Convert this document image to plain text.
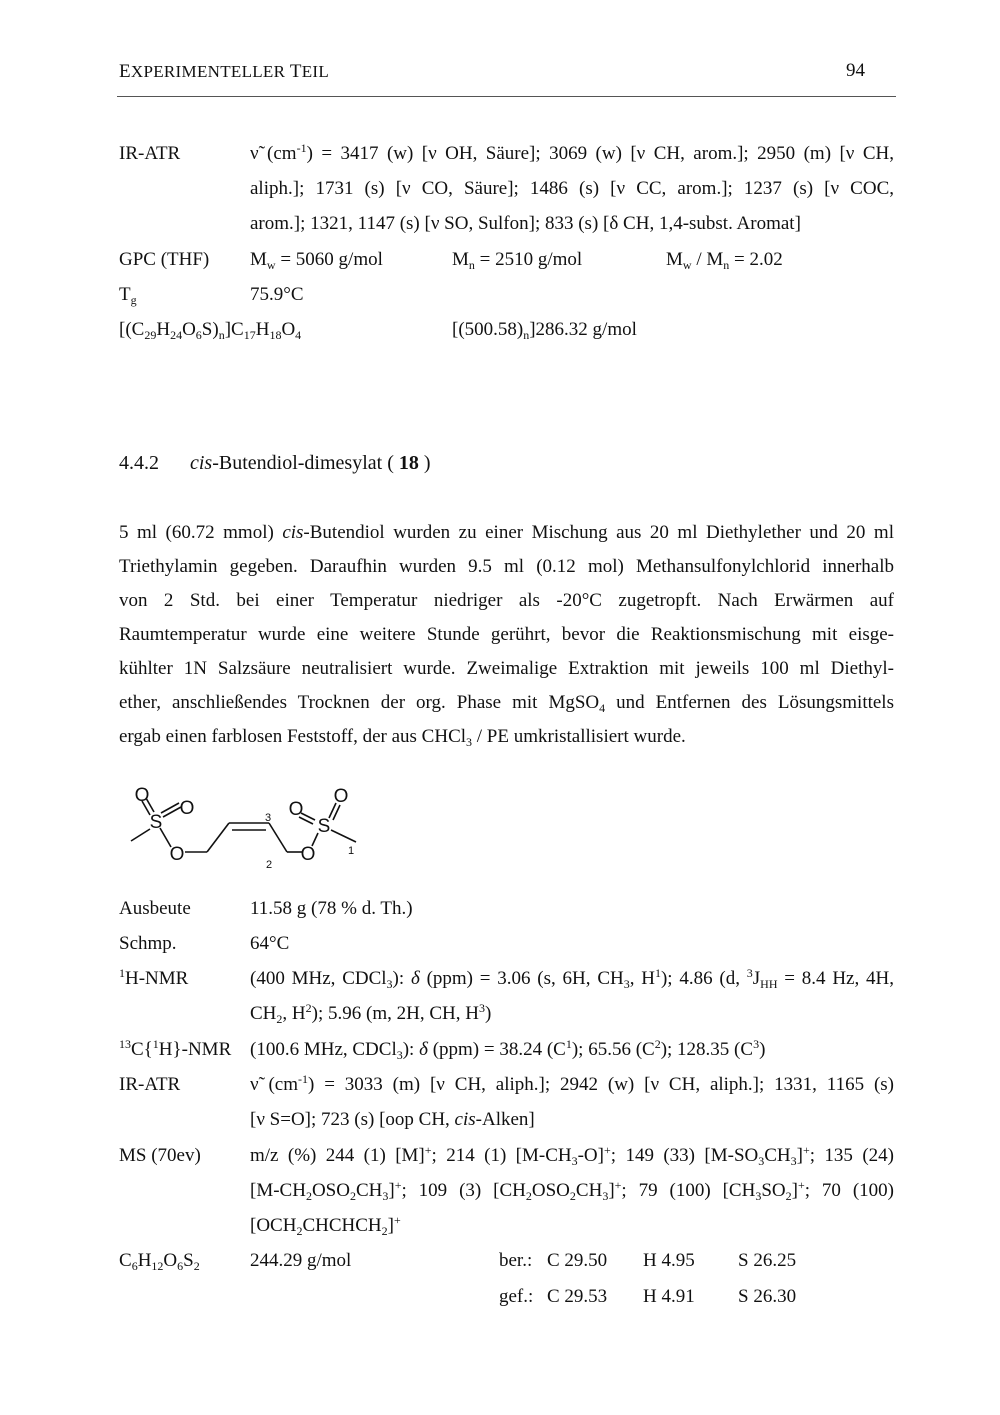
EXPERIMENTELLER TEIL	94
IR-ATR	ν̃ $(cm^{-1}) = 3417$ (w) [ν OH, Säure]; 3069 (w) [ν CH, arom.]; 2950 (m) [ν CH,
aliph.]; 1731 (s) [ν CO, Säure]; 1486 (s) [ν CC, arom.]; 1237 (s) [ν COC,
arom.]; 1321, 1147 (s) [ν SO, Sulfon]; 833 (s) [δ CH, 1,4-subst. Aromat]
GPC (THF) $M_w = 5060$ g/mol	$M_n = 2510$ g/mol	$M_w / M_n = 2.02$
$T_g$	75.9°C
$[(C_{29}H_{24}O_6S)_n]C_{17}H_{18}O_4$	$[(500.58)_n]286.32$ g/mol
4.4.2 cis-Butendiol-dimesylat ( 18 )
5 ml (60.72 mmol) cis-Butendiol wurden zu einer Mischung aus 20 ml Diethylether und 20 ml
Triethylamin gegeben. Daraufhin wurden 9.5 ml (0.12 mol) Methansulfonylchlorid innerhalb
von 2 Std. bei einer Temperatur niedriger als -20°C zugetropft. Nach Erwärmen auf
Raumtemperatur wurde eine weitere Stunde gerührt, bevor die Reaktionsmischung mit eisge-
kühlter 1N Salzsäure neutralisiert wurde. Zweimalige Extraktion mit jeweils 100 ml Diethyl-
ether, anschließendes Trocknen der org. Phase mit MgSO$_4$ und Entfernen des Lösungsmittels
ergab einen farblosen Feststoff, der aus CHCl$_3$ / PE umkristallisiert wurde.
O
S
O
O	O
O
S
O
1
2
3
Ausbeute	11.58 g (78 % d. Th.)
Schmp.	64°C
$^1$H-NMR	(400 MHz, CDCl$_3$): δ (ppm) = 3.06 (s, 6H, $CH_3$, $H^1$); 4.86 (d, $^3J_{HH} = 8.4$ Hz, 4H,
$CH_2$, $H^2$); 5.96 (m, 2H, CH, $H^3$)
$^{13}$C{$^1$H}-NMR (100.6 MHz, CDCl$_3$): δ (ppm) = 38.24 $(C^1)$; 65.56 $(C^2)$; 128.35 $(C^3)$
IR-ATR	ν̃ $(cm^{-1}) = 3033$ (m) [ν CH, aliph.]; 2942 (w) [ν CH, aliph.]; 1331, 1165 (s)
[ν S=O]; 723 (s) [oop CH, cis-Alken]
MS (70ev)	m/z (%) 244 (1) [M]+; 214 (1) $[M-CH_3-O]^+$; 149 (33) $[M-SO_3CH_3]^+$; 135 (24)
$[M-CH_2OSO_2CH_3]^+$; 109 (3) $[CH_2OSO_2CH_3]^+$; 79 (100) $[CH_3SO_2]^+$; 70 (100)
$[OCH_2CHCHCH_2]^+$
$C_6H_{12}O_6S_2$	244.29 g/mol	ber.: C 29.50 H 4.95 S 26.25
gef.: C 29.53 H 4.91 S 26.30
